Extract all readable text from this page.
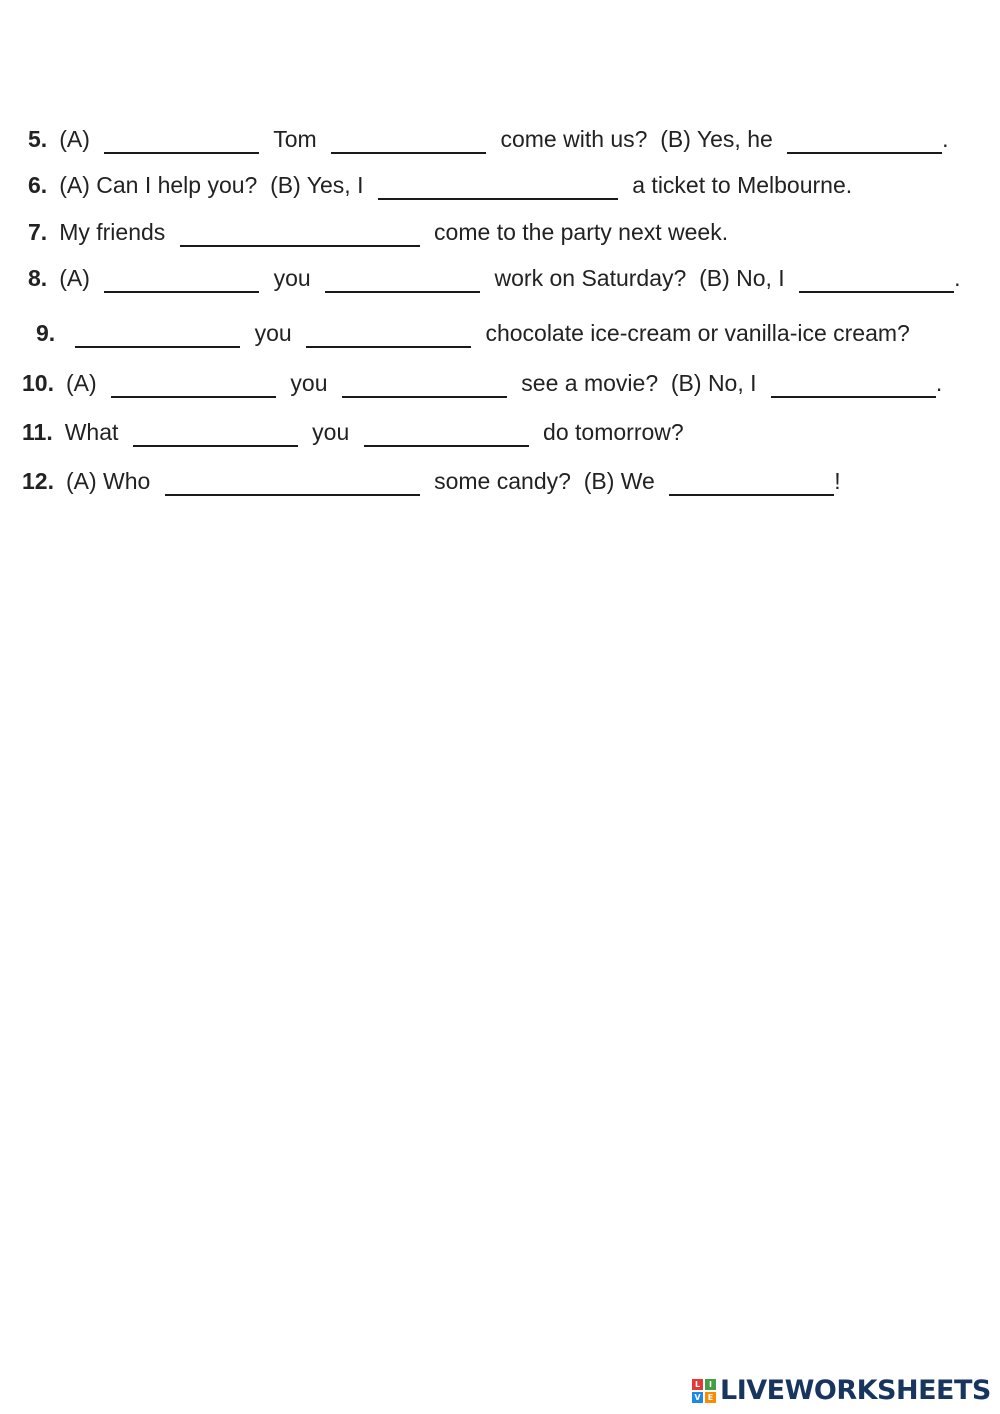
5. (A)	Tom	come with us?  (B) Yes, he	.
6. (A) Can I help you?  (B) Yes, I	a ticket to Melbourne.
7. My friends	come to the party next week.
8. (A)	you	work on Saturday?  (B) No, I	.
9.	you	chocolate ice-cream or vanilla-ice cream?
10. (A)	you	see a movie?  (B) No, I	.
11. What	you	do tomorrow?
12. (A) Who	some candy?  (B) We	!
L	I
V E LIVEWORKSHEETS
